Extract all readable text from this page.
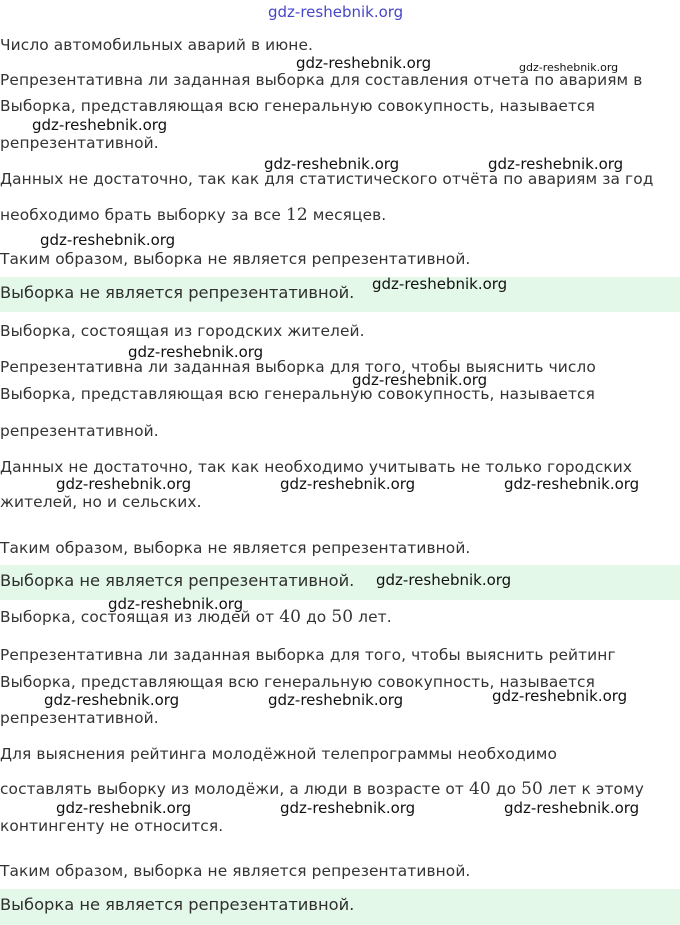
gdz-reshebnik.org
Число автомобильных аварий в июне.
Репрезентативна ли заданная выборка для составления отчета по авариям в
Выборка, представляющая всю генеральную совокупность, называется
репрезентативной.
Данных не достаточно, так как для статистического отчёта по авариям за год
необходимо брать выборку за все 12 месяцев.
Таким образом, выборка не является репрезентативной.
Выборка не является репрезентативной.
Выборка, состоящая из городских жителей.
Репрезентативна ли заданная выборка для того, чтобы выяснить число
Выборка, представляющая всю генеральную совокупность, называется
репрезентативной.
Данных не достаточно, так как необходимо учитывать не только городских
жителей, но и сельских.
Таким образом, выборка не является репрезентативной.
Выборка не является репрезентативной.
Выборка, состоящая из людей от 40 до 50 лет.
Репрезентативна ли заданная выборка для того, чтобы выяснить рейтинг
Выборка, представляющая всю генеральную совокупность, называется
репрезентативной.
Для выяснения рейтинга молодёжной телепрограммы необходимо
составлять выборку из молодёжи, а люди в возрасте от 40 до 50 лет к этому
контингенту не относится.
Таким образом, выборка не является репрезентативной.
Выборка не является репрезентативной.
gdz-reshebnik.org	gdz-reshebnik.org
gdz-reshebnik.org
gdz-reshebnik.org	gdz-reshebnik.org
gdz-reshebnik.org
gdz-reshebnik.org
gdz-reshebnik.org
gdz-reshebnik.org
gdz-reshebnik.org	gdz-reshebnik.org	gdz-reshebnik.org
gdz-reshebnik.org
gdz-reshebnik.org
gdz-reshebnik.org
gdz-reshebnik.org	gdz-reshebnik.org
gdz-reshebnik.org	gdz-reshebnik.org	gdz-reshebnik.org
